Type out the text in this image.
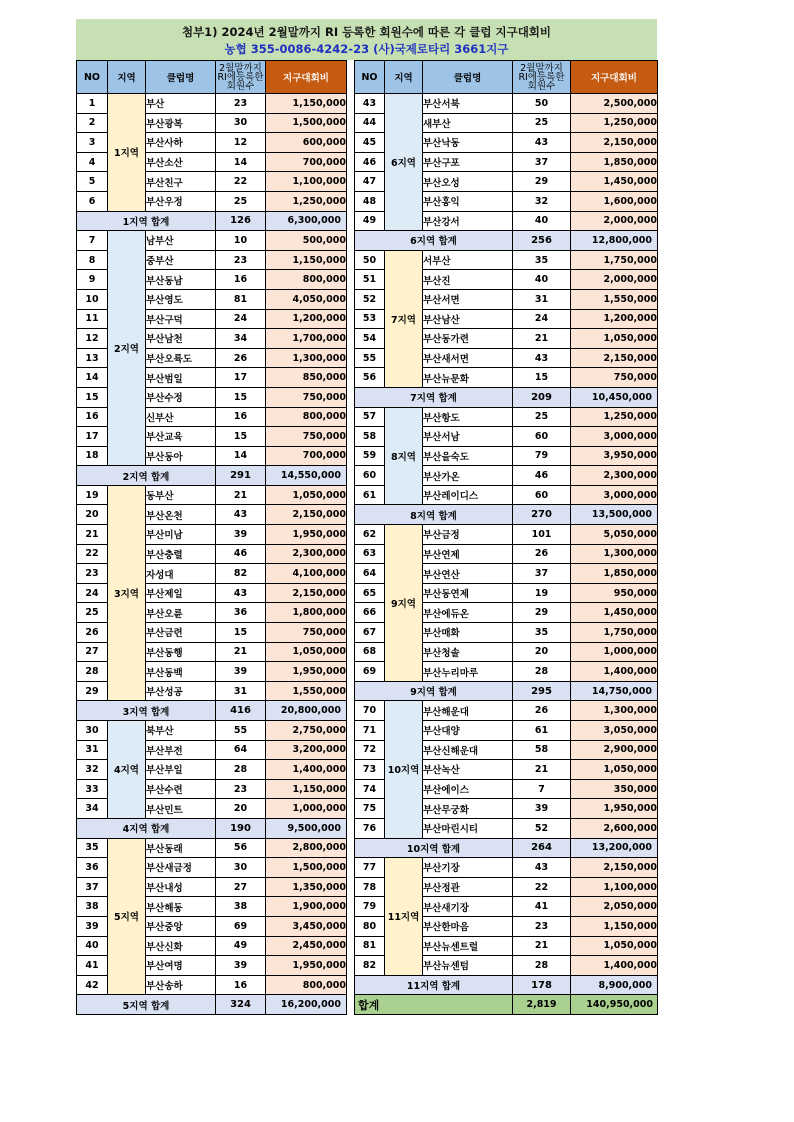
첨부1) 2024년 2월말까지 RI 등록한 회원수에 따른 각 클럽 지구대회비
농협 355-0086-4242-23 (사)국제로타리 3661지구
NO	지역	클럽명	2월말까지
RI에등록한
회원수	지구대회비
1	1지역	부산	23	1,150,000
2		부산광복	30	1,500,000
3		부산사하	12	600,000
4		부산소산	14	700,000
5		부산친구	22	1,100,000
6		부산우정	25	1,250,000
1지역 합계			126	6,300,000
7	2지역	남부산	10	500,000
8		중부산	23	1,150,000
9		부산동남	16	800,000
10		부산영도	81	4,050,000
11		부산구덕	24	1,200,000
12		부산남천	34	1,700,000
13		부산오륙도	26	1,300,000
14		부산범일	17	850,000
15		부산수정	15	750,000
16		신부산	16	800,000
17		부산교육	15	750,000
18		부산동아	14	700,000
2지역 합계			291	14,550,000
19	3지역	동부산	21	1,050,000
20		부산온천	43	2,150,000
21		부산미남	39	1,950,000
22		부산충렬	46	2,300,000
23		자성대	82	4,100,000
24		부산제일	43	2,150,000
25		부산오륜	36	1,800,000
26		부산금련	15	750,000
27		부산동행	21	1,050,000
28		부산동백	39	1,950,000
29		부산성공	31	1,550,000
3지역 합계			416	20,800,000
30	4지역	북부산	55	2,750,000
31		부산부전	64	3,200,000
32		부산부일	28	1,400,000
33		부산수련	23	1,150,000
34		부산민트	20	1,000,000
4지역 합계			190	9,500,000
35	5지역	부산동래	56	2,800,000
36		부산새금정	30	1,500,000
37		부산내성	27	1,350,000
38		부산해동	38	1,900,000
39		부산중앙	69	3,450,000
40		부산신화	49	2,450,000
41		부산여명	39	1,950,000
42		부산송하	16	800,000
5지역 합계			324	16,200,000
NO	지역	클럽명	2월말까지
RI에등록한
회원수	지구대회비
43	6지역	부산서북	50	2,500,000
44		새부산	25	1,250,000
45		부산낙동	43	2,150,000
46		부산구포	37	1,850,000
47		부산오성	29	1,450,000
48		부산홍익	32	1,600,000
49		부산강서	40	2,000,000
6지역 합계			256	12,800,000
50	7지역	서부산	35	1,750,000
51		부산진	40	2,000,000
52		부산서면	31	1,550,000
53		부산남산	24	1,200,000
54		부산동가련	21	1,050,000
55		부산새서면	43	2,150,000
56		부산뉴문화	15	750,000
7지역 합계			209	10,450,000
57	8지역	부산항도	25	1,250,000
58		부산서남	60	3,000,000
59		부산을숙도	79	3,950,000
60		부산가온	46	2,300,000
61		부산레이디스	60	3,000,000
8지역 합계			270	13,500,000
62	9지역	부산금정	101	5,050,000
63		부산연제	26	1,300,000
64		부산연산	37	1,850,000
65		부산동연제	19	950,000
66		부산에듀온	29	1,450,000
67		부산매화	35	1,750,000
68		부산청솔	20	1,000,000
69		부산누리마루	28	1,400,000
9지역 합계			295	14,750,000
70	10지역	부산해운대	26	1,300,000
71		부산대양	61	3,050,000
72		부산신해운대	58	2,900,000
73		부산녹산	21	1,050,000
74		부산에이스	7	350,000
75		부산무궁화	39	1,950,000
76		부산마린시티	52	2,600,000
10지역 합계			264	13,200,000
77	11지역	부산기장	43	2,150,000
78		부산정관	22	1,100,000
79		부산새기장	41	2,050,000
80		부산한마음	23	1,150,000
81		부산뉴센트럴	21	1,050,000
82		부산뉴센텀	28	1,400,000
11지역 합계			178	8,900,000
합계			2,819	140,950,000
